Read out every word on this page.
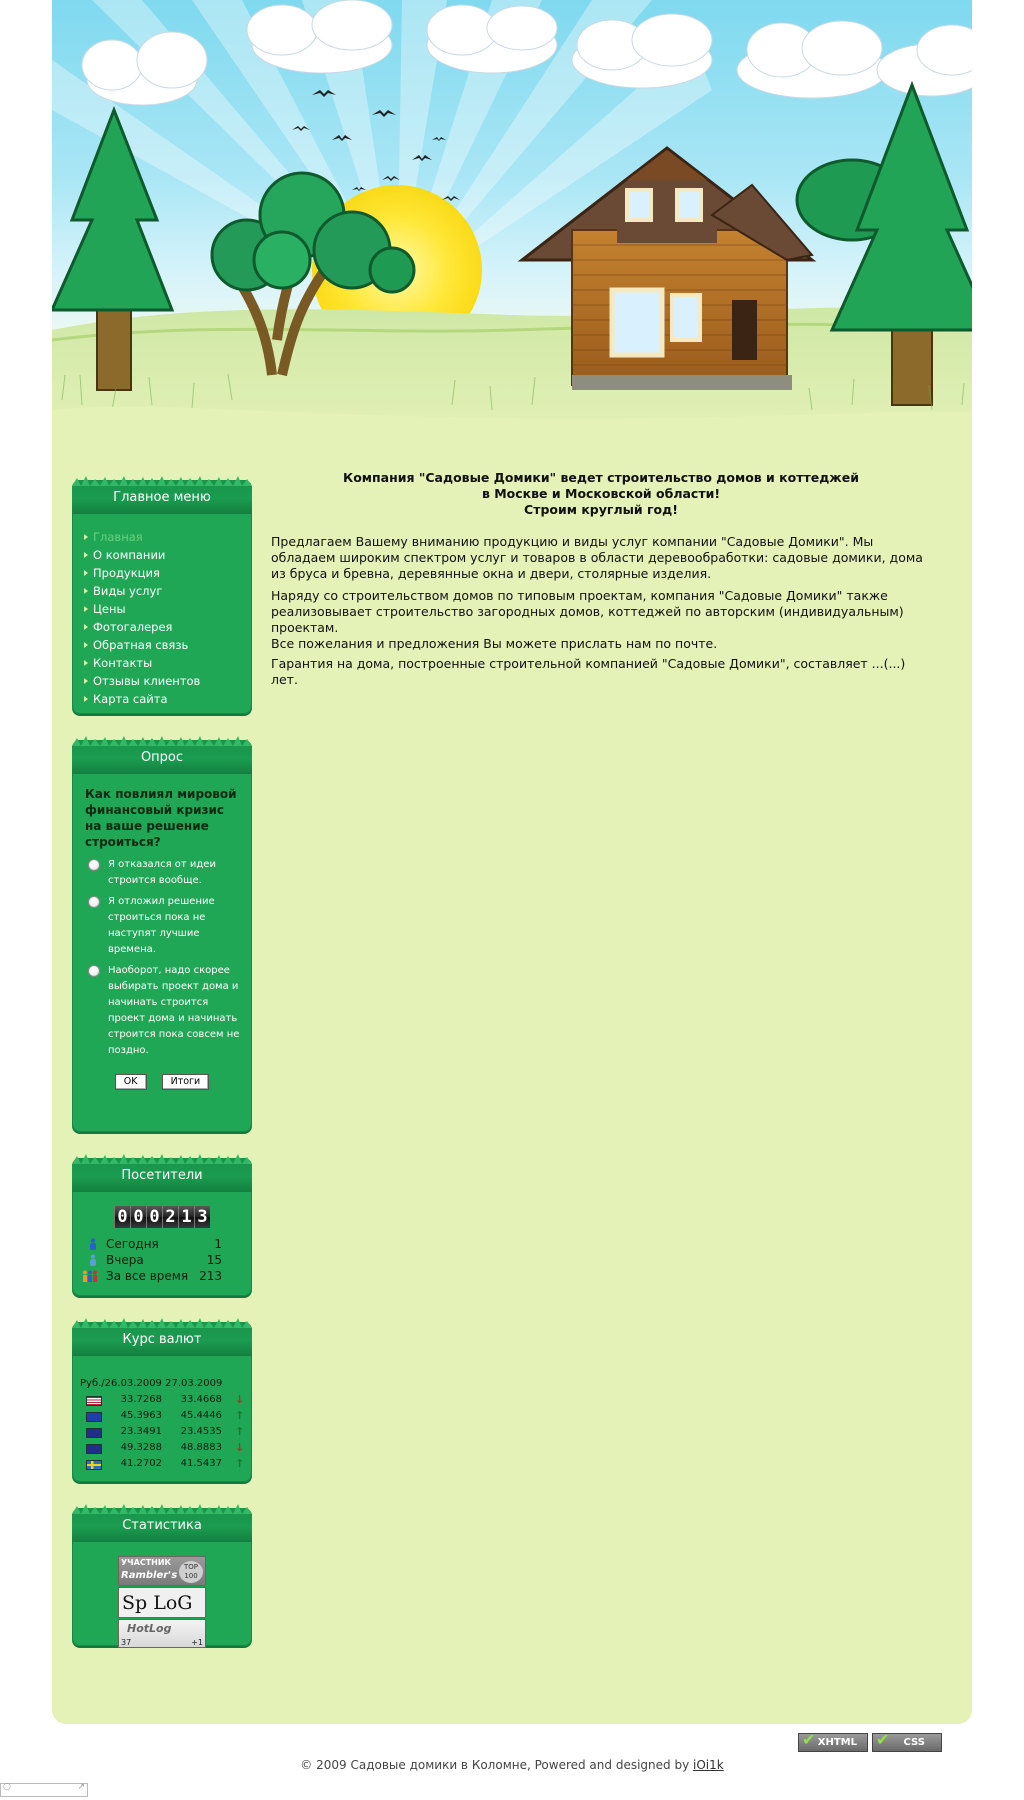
Главное меню
Главная
О компании
Продукция
Виды услуг
Цены
Фотогалерея
Обратная связь
Контакты
Отзывы клиентов
Карта сайта
Опрос
Как повлиял мировой финансовый кризис на ваше решение строиться?
Я отказался от идеи строится вообще.
Я отложил решение строиться пока не наступят лучшие времена.
Наоборот, надо скорее выбирать проект дома и начинать строится проект дома и начинать строится пока совсем не поздно.
OK	Итоги
Посетители
0 0 0 2 1 3
Сегодня	1
Вчера	15
За все время 213
Курс валют
Руб./26.03.2009 27.03.2009
33.7268	33.4668 ↓
45.3963	45.4446 ↑
23.3491	23.4535 ↑
49.3288	48.8883 ↓
41.2702	41.5437 ↑
Статистика
УЧАСТНИК
Rambler's
TOP 100
Sp LoG
HotLog
37	+1
Компания "Садовые Домики" ведет строительство домов и коттеджей
в Москве и Московской области!
Строим круглый год!

Предлагаем Вашему вниманию продукцию и виды услуг компании "Садовые Домики". Мы обладаем широким спектром услуг и товаров в области деревообработки: садовые домики, дома из бруса и бревна, деревянные окна и двери, столярные изделия.

Наряду со строительством домов по типовым проектам, компания "Садовые Домики" также реализовывает строительство загородных домов, коттеджей по авторским (индивидуальным) проектам.

Все пожелания и предложения Вы можете прислать нам по почте.

Гарантия на дома, построенные строительной компанией "Садовые Домики", составляет ...(...) лет.

✔ XHTML	✔ CSS
© 2009 Садовые домики в Коломне, Powered and designed by iOi1k
○	↗
